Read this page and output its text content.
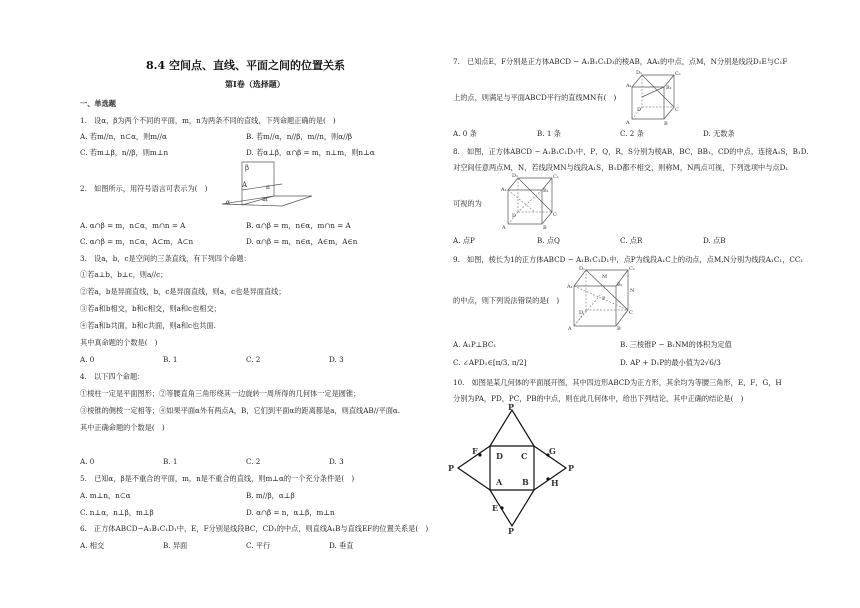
8.4 空间点、直线、平面之间的位置关系
第Ⅰ卷（选择题）
一、单选题
1.　设α，β为两个不同的平面，m，n为两条不同的直线，下列命题正确的是(　)
A. 若m//n，n⊂α，则m//α	B. 若m//α，n//β，m//n，则α//β
C. 若m⊥β，n//β，则m⊥n	D. 若α⊥β，α∩β = m，n⊥m，则n⊥α
2.　如图所示，用符号语言可表示为(　)
β
A
m
n
α
A. α∩β = m，n⊂α，m∩n = A	B. α∩β = m，n∈α，m∩n = A
C. α∩β = m，n⊂α，A⊂m，A⊂n	D. α∩β = m，n∈α，A∈m，A∈n
3.　设a，b，c是空间的三条直线，有下列四个命题：
①若a⊥b，b⊥c，则a//c；
②若a，b是异面直线，b，c是异面直线，则a，c也是异面直线；
③若a和b相交，b和c相交，则a和c也相交；
④若a和b共面，b和c共面，则a和c也共面.
其中真命题的个数是(　)
A. 0	B. 1	C. 2	D. 3
4.　以下四个命题：
①棱柱一定是平面图形；②等腰直角三角形绕其一边旋转一周所得的几何体一定是圆锥；
③棱锥的侧棱一定相等；④如果平面α外有两点A，B，它们到平面α的距离都是a，则直线AB//平面α.
其中正确命题的个数是(　)
A. 0	B. 1	C. 2	D. 3
5.　已知α，β是不重合的平面，m，n是不重合的直线，则m⊥α的一个充分条件是(　)
A. m⊥n，n⊂α	B. m//β，α⊥β
C. n⊥α，n⊥β，m⊥β	D. α∩β = n，α⊥β，m⊥n
6.　正方体ABCD−A₁B₁C₁D₁中，E，F分别是线段BC，CD₁的中点，则直线A₁B与直线EF的位置关系是(　)
A. 相交	B. 异面	C. 平行	D. 垂直
7.　已知点E，F分别是正方体ABCD − A₁B₁C₁D₁的棱AB，AA₁的中点，点M，N分别是线段D₁E与C₁F
上的点，则满足与平面ABCD平行的直线MN有(　)
A₁	B₁
C₁
D₁
A	B
C
D
A. 0 条	B. 1 条	C. 2 条	D. 无数条
8.　如图，正方体ABCD − A₁B₁C₁D₁中，P，Q，R，S分别为棱AB，BC，BB₁，CD的中点，连接A₁S，B₁D.
对空间任意两点M，N，若线段MN与线段A₁S，B₁D都不相交，则称M，N两点可视，下列选项中与点D₁
可视的为
D₁	C₁
A₁	B₁
D	C
A	B
A. 点P	B. 点Q	C. 点R	D. 点B
9.　如图，棱长为1的正方体ABCD − A₁B₁C₁D₁中，点P为线段A₁C上的动点，点M,N分别为线段A₁C₁，CC₁
的中点，则下列说法错误的是(　)
D₁	C₁
A₁	B₁
D	C
A	B
P
M
N
A. A₁P⊥BC₁	B. 三棱锥P − B₁NM的体积为定值
C. ∠APD₁∈[π/3, π/2]	D. AP + D₁P的最小值为2√6/3
10.　如图是某几何体的平面展开图，其中四边形ABCD为正方形，其余均为等腰三角形，E，F，G，H
分别为PA，PD，PC，PB的中点，则在此几何体中，给出下列结论，其中正确的结论是(　)
P
F D C	G
A B	H
E
P	P
P
